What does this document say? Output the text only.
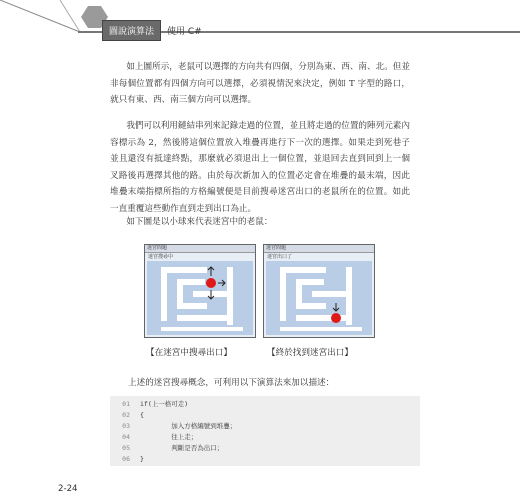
圖說演算法	使用 C#
如上圖所示，老鼠可以選擇的方向共有四個，分別為東、西、南、北。但並非每個位置都有四個方向可以選擇，必須視情況來決定，例如 T 字型的路口，就只有東、西、南三個方向可以選擇。
我們可以利用鏈結串列來記錄走過的位置，並且將走過的位置的陣列元素內容標示為 2，然後將這個位置放入堆疊再進行下一次的選擇。如果走到死巷子並且還沒有抵達終點，那麼就必須退出上一個位置，並退回去直到回到上一個叉路後再選擇其他的路。由於每次新加入的位置必定會在堆疊的最末端，因此堆疊末端指標所指的方格編號便是目前搜尋迷宮出口的老鼠所在的位置。如此一直重覆這些動作直到走到出口為止。
如下圖是以小球來代表迷宮中的老鼠：
迷宮問題
迷宮搜尋中
迷宮問題
迷宮出口了
【在迷宮中搜尋出口】	【終於找到迷宮出口】
上述的迷宮搜尋概念，可利用以下演算法來加以描述：
01 if(上一格可走)
02 {
03        加入方格編號到堆疊；
04        往上走；
05        判斷是否為出口；
06 }
2-24
